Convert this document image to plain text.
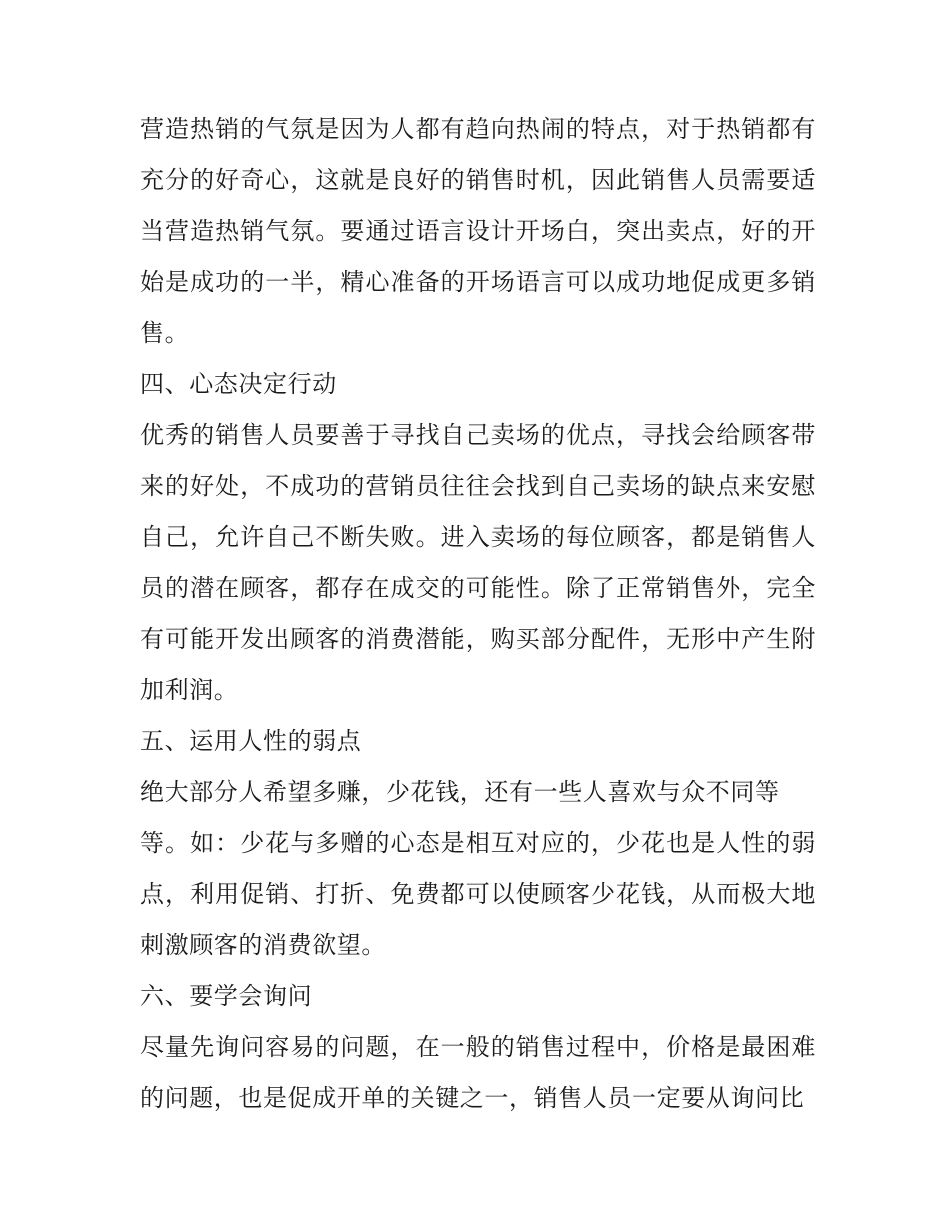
营造热销的气氛是因为人都有趋向热闹的特点，对于热销都有充分的好奇心，这就是良好的销售时机，因此销售人员需要适当营造热销气氛。要通过语言设计开场白，突出卖点，好的开始是成功的一半，精心准备的开场语言可以成功地促成更多销售。

四、心态决定行动

优秀的销售人员要善于寻找自己卖场的优点，寻找会给顾客带来的好处，不成功的营销员往往会找到自己卖场的缺点来安慰自己，允许自己不断失败。进入卖场的每位顾客，都是销售人员的潜在顾客，都存在成交的可能性。除了正常销售外，完全有可能开发出顾客的消费潜能，购买部分配件，无形中产生附加利润。

五、运用人性的弱点

绝大部分人希望多赚，少花钱，还有一些人喜欢与众不同等

等。如：少花与多赠的心态是相互对应的，少花也是人性的弱点，利用促销、打折、免费都可以使顾客少花钱，从而极大地刺激顾客的消费欲望。

六、要学会询问

尽量先询问容易的问题，在一般的销售过程中，价格是最困难的问题，也是促成开单的关键之一，销售人员一定要从询问比
